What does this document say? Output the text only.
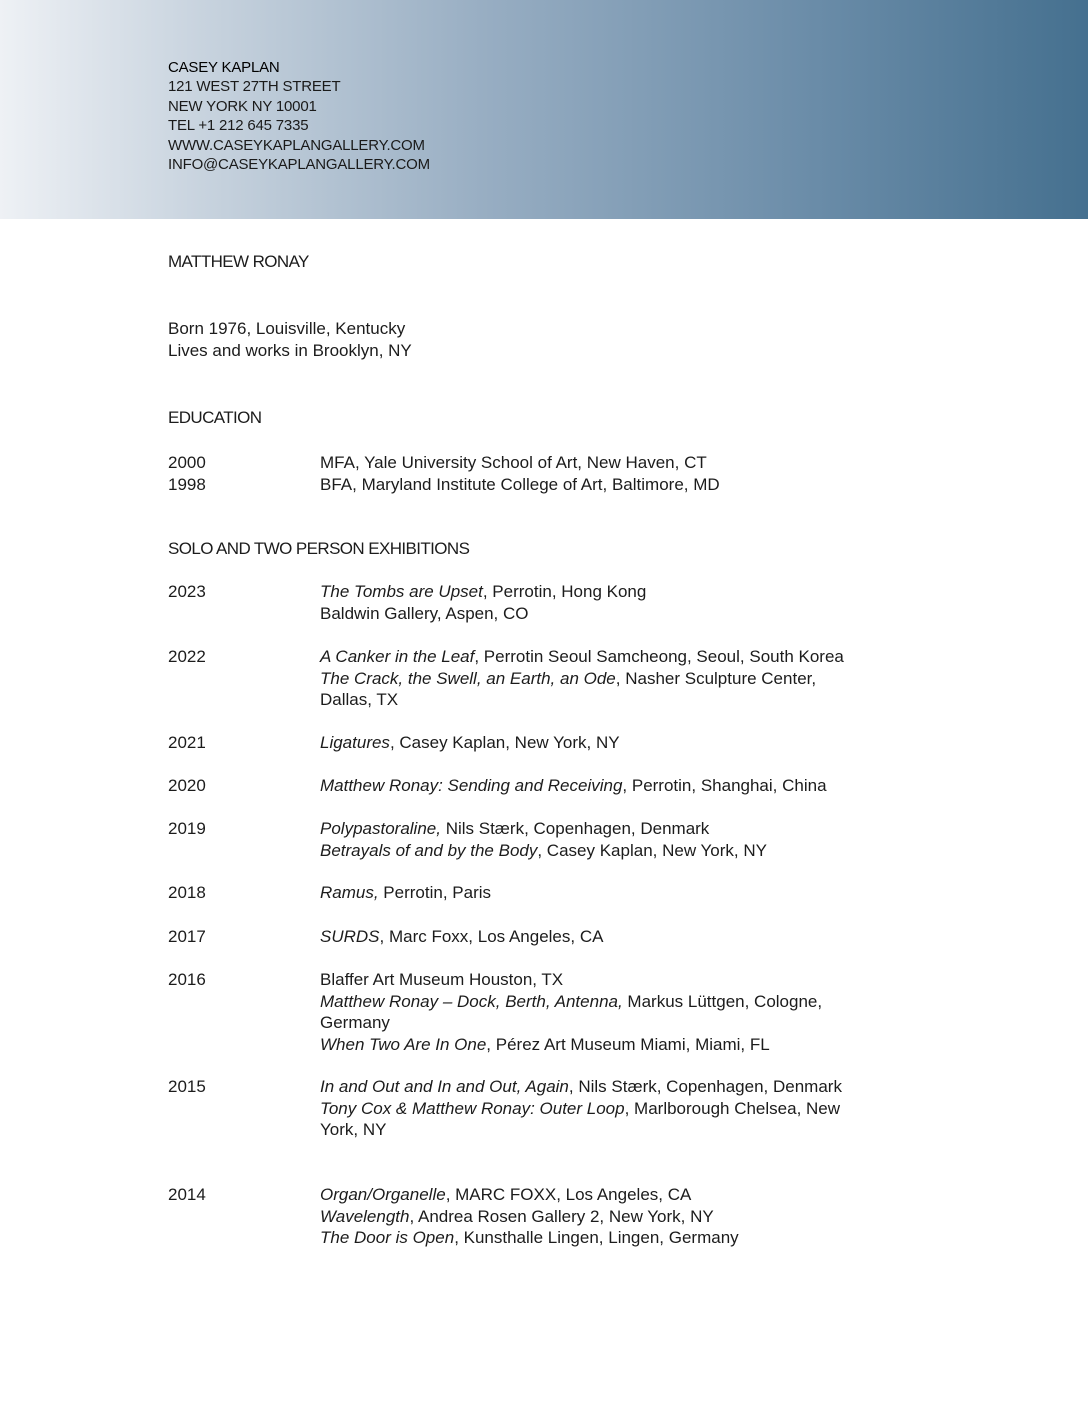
CASEY KAPLAN
121 WEST 27TH STREET
NEW YORK NY 10001
TEL +1 212 645 7335
WWW.CASEYKAPLANGALLERY.COM
INFO@CASEYKAPLANGALLERY.COM
MATTHEW RONAY
Born 1976, Louisville, Kentucky
Lives and works in Brooklyn, NY
EDUCATION
2000	MFA, Yale University School of Art, New Haven, CT
1998	BFA, Maryland Institute College of Art, Baltimore, MD
SOLO AND TWO PERSON EXHIBITIONS
2023	The Tombs are Upset, Perrotin, Hong Kong
Baldwin Gallery, Aspen, CO
2022	A Canker in the Leaf, Perrotin Seoul Samcheong, Seoul, South Korea
The Crack, the Swell, an Earth, an Ode, Nasher Sculpture Center, Dallas, TX
2021	Ligatures, Casey Kaplan, New York, NY
2020	Matthew Ronay: Sending and Receiving, Perrotin, Shanghai, China
2019	Polypastoraline, Nils Stærk, Copenhagen, Denmark
Betrayals of and by the Body, Casey Kaplan, New York, NY
2018	Ramus, Perrotin, Paris
2017	SURDS, Marc Foxx, Los Angeles, CA
2016	Blaffer Art Museum Houston, TX
Matthew Ronay – Dock, Berth, Antenna, Markus Lüttgen, Cologne, Germany
When Two Are In One, Pérez Art Museum Miami, Miami, FL
2015	In and Out and In and Out, Again, Nils Stærk, Copenhagen, Denmark
Tony Cox & Matthew Ronay: Outer Loop, Marlborough Chelsea, New York, NY
2014	Organ/Organelle, MARC FOXX, Los Angeles, CA
Wavelength, Andrea Rosen Gallery 2, New York, NY
The Door is Open, Kunsthalle Lingen, Lingen, Germany
